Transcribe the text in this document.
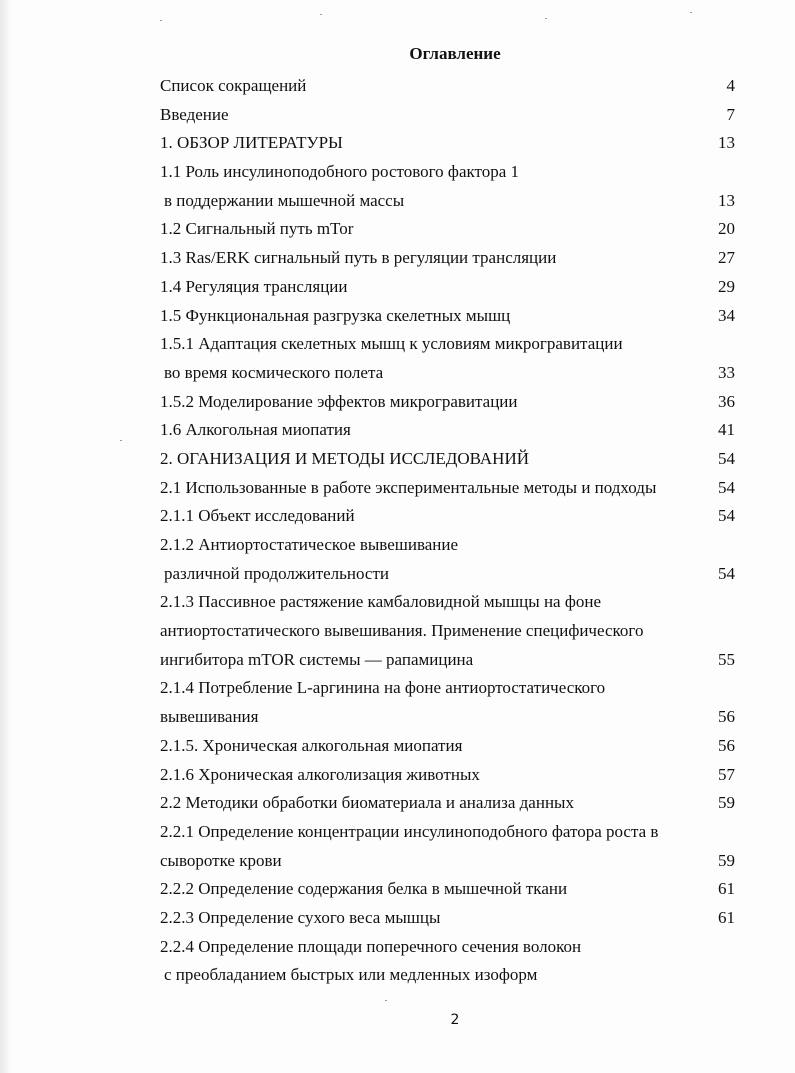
Оглавление
Список сокращений	4
Введение	7
1. ОБЗОР ЛИТЕРАТУРЫ	13
1.1 Роль инсулиноподобного ростового фактора 1
в поддержании мышечной массы	13
1.2 Сигнальный путь mTor	20
1.3 Ras/ERK сигнальный путь в регуляции трансляции	27
1.4 Регуляция трансляции	29
1.5 Функциональная разгрузка скелетных мышц	34
1.5.1 Адаптация скелетных мышц к условиям микрогравитации
во время космического полета	33
1.5.2 Моделирование эффектов микрогравитации	36
1.6 Алкогольная миопатия	41
2. ОГАНИЗАЦИЯ И МЕТОДЫ ИССЛЕДОВАНИЙ	54
2.1 Использованные в работе экспериментальные методы и подходы	54
2.1.1 Объект исследований	54
2.1.2 Антиортостатическое вывешивание
различной продолжительности	54
2.1.3 Пассивное растяжение камбаловидной мышцы на фоне
антиортостатического вывешивания. Применение специфического
ингибитора mTOR системы — рапамицина	55
2.1.4 Потребление L-аргинина на фоне антиортостатического
вывешивания	56
2.1.5. Хроническая алкогольная миопатия	56
2.1.6 Хроническая алкоголизация животных	57
2.2 Методики обработки биоматериала и анализа данных	59
2.2.1 Определение концентрации инсулиноподобного фатора роста в
сыворотке крови	59
2.2.2 Определение содержания белка в мышечной ткани	61
2.2.3 Определение сухого веса мышцы	61
2.2.4 Определение площади поперечного сечения волокон
с преобладанием быстрых или медленных изоформ
2
